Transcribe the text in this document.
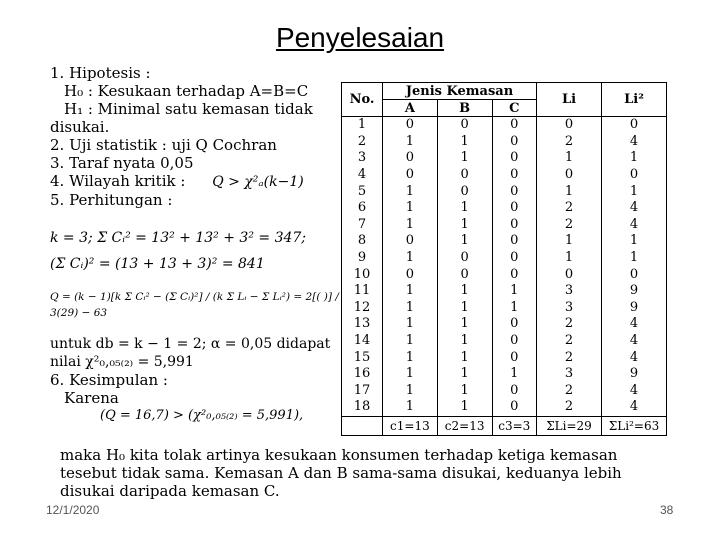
Penyelesaian
1. Hipotesis :
H₀ : Kesukaan terhadap A=B=C
H₁ : Minimal satu kemasan tidak
disukai.
2. Uji statistik : uji Q Cochran
3. Taraf nyata 0,05
4. Wilayah kritik : Q > χ²ₐ(k−1)
5. Perhitungan :
k = 3; Σ Cᵢ² = 13² + 13² + 3² = 347;
(Σ Cᵢ)² = (13 + 13 + 3)² = 841
Q = (k − 1)[k Σ Cᵢ² − (Σ Cᵢ)²] / (k Σ Lᵢ − Σ Lᵢ²) = 2[( )] / 3(29) − 63
untuk db = k − 1 = 2; α = 0,05 didapat
nilai χ²₀,₀₅₍₂₎ = 5,991
6. Kesimpulan :
Karena
(Q = 16,7) > (χ²₀,₀₅₍₂₎ = 5,991),
No.	Jenis Kemasan			Li	Li²
	A	B	C		
1	0	0	0	0	0
2	1	1	0	2	4
3	0	1	0	1	1
4	0	0	0	0	0
5	1	0	0	1	1
6	1	1	0	2	4
7	1	1	0	2	4
8	0	1	0	1	1
9	1	0	0	1	1
10	0	0	0	0	0
11	1	1	1	3	9
12	1	1	1	3	9
13	1	1	0	2	4
14	1	1	0	2	4
15	1	1	0	2	4
16	1	1	1	3	9
17	1	1	0	2	4
18	1	1	0	2	4
	c1=13	c2=13	c3=3	ΣLi=29	ΣLi²=63
maka H₀ kita tolak artinya kesukaan konsumen terhadap ketiga kemasan
tesebut tidak sama. Kemasan A dan B sama-sama disukai, keduanya lebih
disukai daripada kemasan C.
12/1/2020	38
